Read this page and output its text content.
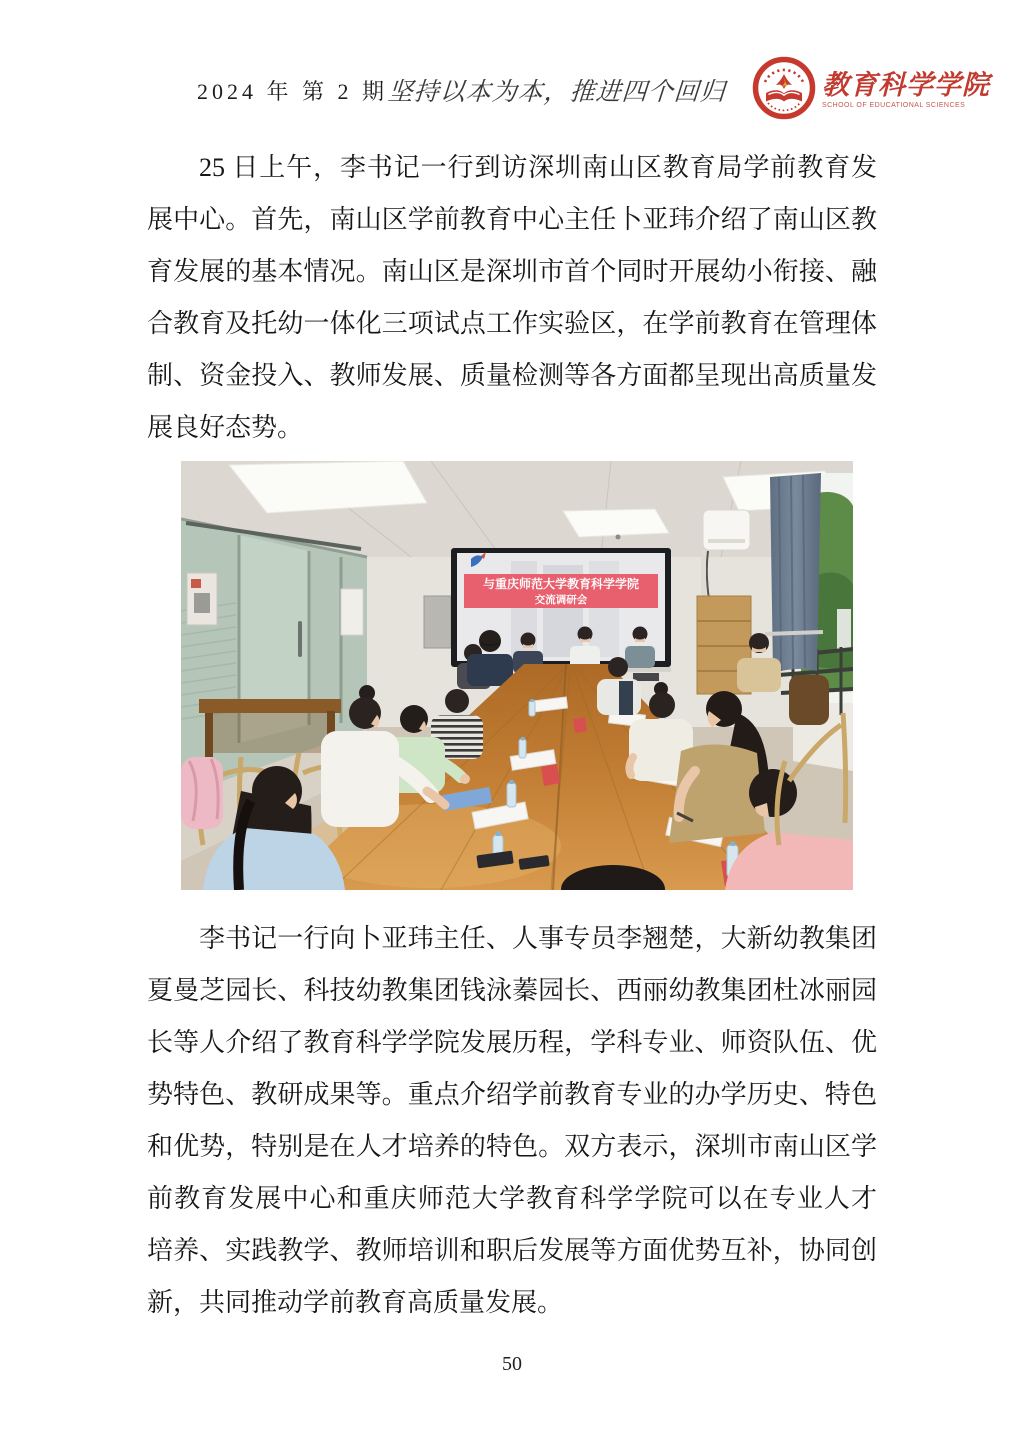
2024 年 第 2 期
坚持以本为本，推进四个回归	教育科学学院
SCHOOL OF EDUCATIONAL SCIENCES
25 日上午，李书记一行到访深圳南山区教育局学前教育发
展中心。首先，南山区学前教育中心主任卜亚玮介绍了南山区教
育发展的基本情况。南山区是深圳市首个同时开展幼小衔接、融
合教育及托幼一体化三项试点工作实验区，在学前教育在管理体
制、资金投入、教师发展、质量检测等各方面都呈现出高质量发
展良好态势。
与重庆师范大学教育科学学院
交流调研会
李书记一行向卜亚玮主任、人事专员李翘楚，大新幼教集团
夏曼芝园长、科技幼教集团钱泳蓁园长、西丽幼教集团杜冰丽园
长等人介绍了教育科学学院发展历程，学科专业、师资队伍、优
势特色、教研成果等。重点介绍学前教育专业的办学历史、特色
和优势，特别是在人才培养的特色。双方表示，深圳市南山区学
前教育发展中心和重庆师范大学教育科学学院可以在专业人才
培养、实践教学、教师培训和职后发展等方面优势互补，协同创
新，共同推动学前教育高质量发展。
50
